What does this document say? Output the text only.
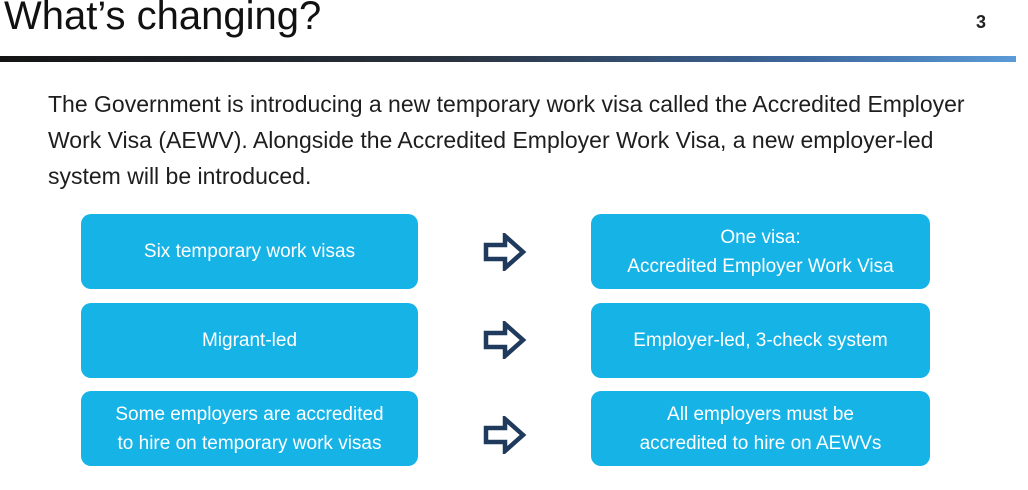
What’s changing?	3

The Government is introducing a new temporary work visa called the Accredited Employer Work Visa (AEWV). Alongside the Accredited Employer Work Visa, a new employer-led system will be introduced.

Six temporary work visas
One visa:
Accredited Employer Work Visa
Migrant-led	Employer-led, 3-check system
Some employers are accredited
to hire on temporary work visas
All employers must be
accredited to hire on AEWVs
